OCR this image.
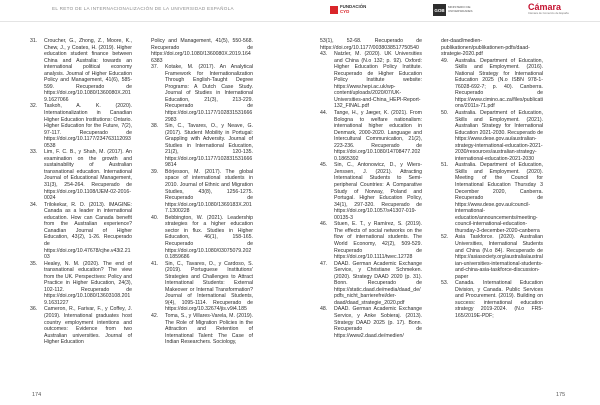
EL RETO DE LA INTERNACIONALIZACIÓN DE LA UNIVERSIDAD ESPAÑOLA	FUNDACIÓN
CYD	GOB
MINISTERIO DE UNIVERSIDADES	Cámara
Cámara de Comercio de España
31.	Croucher, G., Zhong, Z., Moore, K., Chew, J., y Coates, H. (2019). Higher education student finance between China and Australia: towards an international political economy analysis. Journal of Higher Education Policy and Management, 41(6), 585-599. Recuperado de https://doi.org/10.1080/1360080X.2019.1627066
32.	Taskoh, A. K. (2020). Internationalization in Canadian Higher Education Institutions: Ontario. Higher Education for the Future, 7(2), 97-117. Recuperado de https://doi.org/10.1177/2347631120930538
33.	Lim, F. C. B., y Shah, M. (2017). An examination on the growth and sustainability of Australian transnational education. International Journal of Educational Management, 31(3), 254-264. Recuperado de https://doi.org/10.1108/IJEM-02-2016-0024
34.	Trilokekar, R. D. (2013). IMAGINE: Canada as a leader in international education. How can Canada benefit from the Australian experience? Canadian Journal of Higher Education, 43(2), 1-26. Recuperado de https://doi.org/10.47678/cjhe.v43i2.2103
35.	Healey, N. M. (2020). The end of transnational education? The view from the UK. Perspectives: Policy and Practice in Higher Education, 24(3), 102-112. Recuperado de https://doi.org/10.1080/13603108.2019.1631227
36.	Cameron, R., Farivar, F., y Coffey, J. (2019). International graduates host country employment intentions and outcomes: Evidence from two Australian universities. Journal of Higher Education
Policy and Management, 41(5), 550-568. Recuperado de https://doi.org/10.1080/1360080X.2019.1646383
37.	Kotake, M. (2017). An Analytical Framework for Internationalization Through English-Taught Degree Programs: A Dutch Case Study. Journal of Studies in International Education, 21(3), 213-229. Recuperado de https://doi.org/10.1177/1028315316662983
38.	Sin, C., Tavares, O., y Neave, G. (2017). Student Mobility in Portugal: Grappling with Adversity. Journal of Studies in International Education, 21(2), 120-135. https://doi.org/10.1177/1028315316669814
39.	Börjesson, M. (2017). The global space of international students in 2010. Journal of Ethnic and Migration Studies, 43(8), 1256-1275. Recuperado de https://doi.org/10.1080/1369183X.2017.1300228
40.	Bebbington, W. (2021). Leadership strategies for a higher education sector in flux. Studies in Higher Education, 46(1), 158-165. Recuperado de https://doi.org/10.1080/03075079.2020.1859686
41.	Sin, C., Tavares, O., y Cardoso, S. (2019). Portuguese Institutions' Strategies and Challenges to Attract International Students: External Makeover or Internal Transformation? Journal of International Students, 9(4), 1095-1114. Recuperado de https://doi.org/10.32674/jis.v9i4.185
42.	Toma, S., y Villares-Varela, M. (2019). The Role of Migration Policies in the Attraction and Retention of International Talent: The Case of Indian Researchers. Sociology,
53(1), 52-68. Recuperado de https://doi.org/10.1177/0038038517750540
43.	Natzler, M. (2020). UK Universities and China (N.o 132; p. 92). Oxford: Higher Education Policy Institute. Recuperado de Higher Education Policy Institute website: https://www.hepi.ac.uk/wp-content/uploads/2020/07/UK-Universities-and-China_HEPI-Report-132_FINAL.pdf
44.	Tange, H., y Jæger, K. (2021). From Bologna to welfare nationalism: international higher education in Denmark, 2000-2020. Language and Intercultural Communication, 21(2), 223-236. Recuperado de https://doi.org/10.1080/14708477.2020.1865392
45.	Sin, C., Antonowicz, D., y Wiers-Jenssen, J. (2021). Attracting International Students to Semi-peripheral Countries: A Comparative Study of Norway, Poland and Portugal. Higher Education Policy, 34(1), 297-320. Recuperado de https://doi.org/10.1057/s41307-019-00135-3
46.	Stuen, E. T., y Ramírez, S. (2019). The effects of social networks on the flow of international students. The World Economy, 42(2), 509-529. Recuperado de https://doi.org/10.1111/twec.12728
47.	DAAD. German Academic Exchange Service, y Christiane Schmeken. (2020). Strategy DAAD 2020 (p. 31). Bonn. Recuperado de https://static.daad.de/media/daad_de/pdfs_nicht_barrierefrei/der-daad/daad_strategie_2020.pdf
48.	DAAD. German Academic Exchange Service, y Anke Sobieraj. (2013). Strategy DAAD 2025 (p. 17). Bonn. Recuperado de https://www2.daad.de/medien/
der-daad/medien-publikationen/publikationen-pdfs/daad-strategie-2020.pdf
49.	Australia. Department of Education, Skills and Employment. (2016). National Strategy for International Education 2025 (N.o ISBN 978-1-76028-692-7; p. 40). Canberra. Recuperado de https://www.cimino.ac.za/files/publications/2011s-71.pdf
50.	Australia. Department of Education, Skills and Employment. (2021). Australian Strategy for International Education 2021-2030. Recuperado de https://www.dese.gov.au/australian-strategy-international-education-2021-2030/resources/australian-strategy-international-education-2021-2030
51.	Australia. Department of Education, Skills and Employment. (2020). Meeting of the Council for International Education Thursday 3 December 2020, Canberra. Recuperado de https://www.dese.gov.au/council-international-education/announcements/meeting-council-international-education-thursday-3-december-2020-canberra
52.	Asia Taskforce. (2020). Australian Universities, International Students and China (N.o 84). Recuperado de https://asiasociety.org/australia/australian-universities-international-students-and-china-asia-taskforce-discussion-paper
53.	Canada. International Education Division, y Canada. Public Services and Procurement. (2019). Building on success: international education strategy 2019-2024. (N.o FR5-165/2019E-PDF;
174	175
